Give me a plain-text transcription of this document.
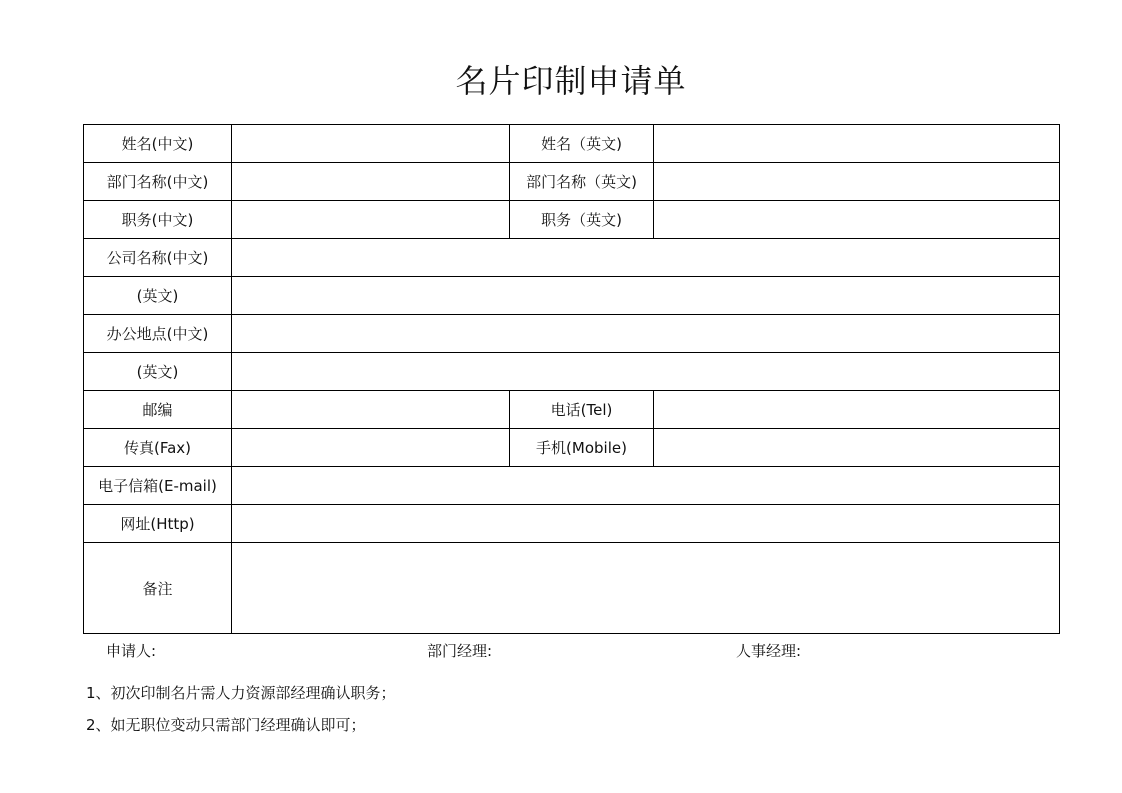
名片印制申请单
姓名(中文)		姓名（英文)	
部门名称(中文)		部门名称（英文)	
职务(中文)		职务（英文)	
公司名称(中文)			
(英文)			
办公地点(中文)			
(英文)			
邮编		电话(Tel)	
传真(Fax)		手机(Mobile)	
电子信箱(E-mail)			
网址(Http)			
备注			
申请人:	部门经理:	人事经理:
1、初次印制名片需人力资源部经理确认职务；
2、如无职位变动只需部门经理确认即可；
